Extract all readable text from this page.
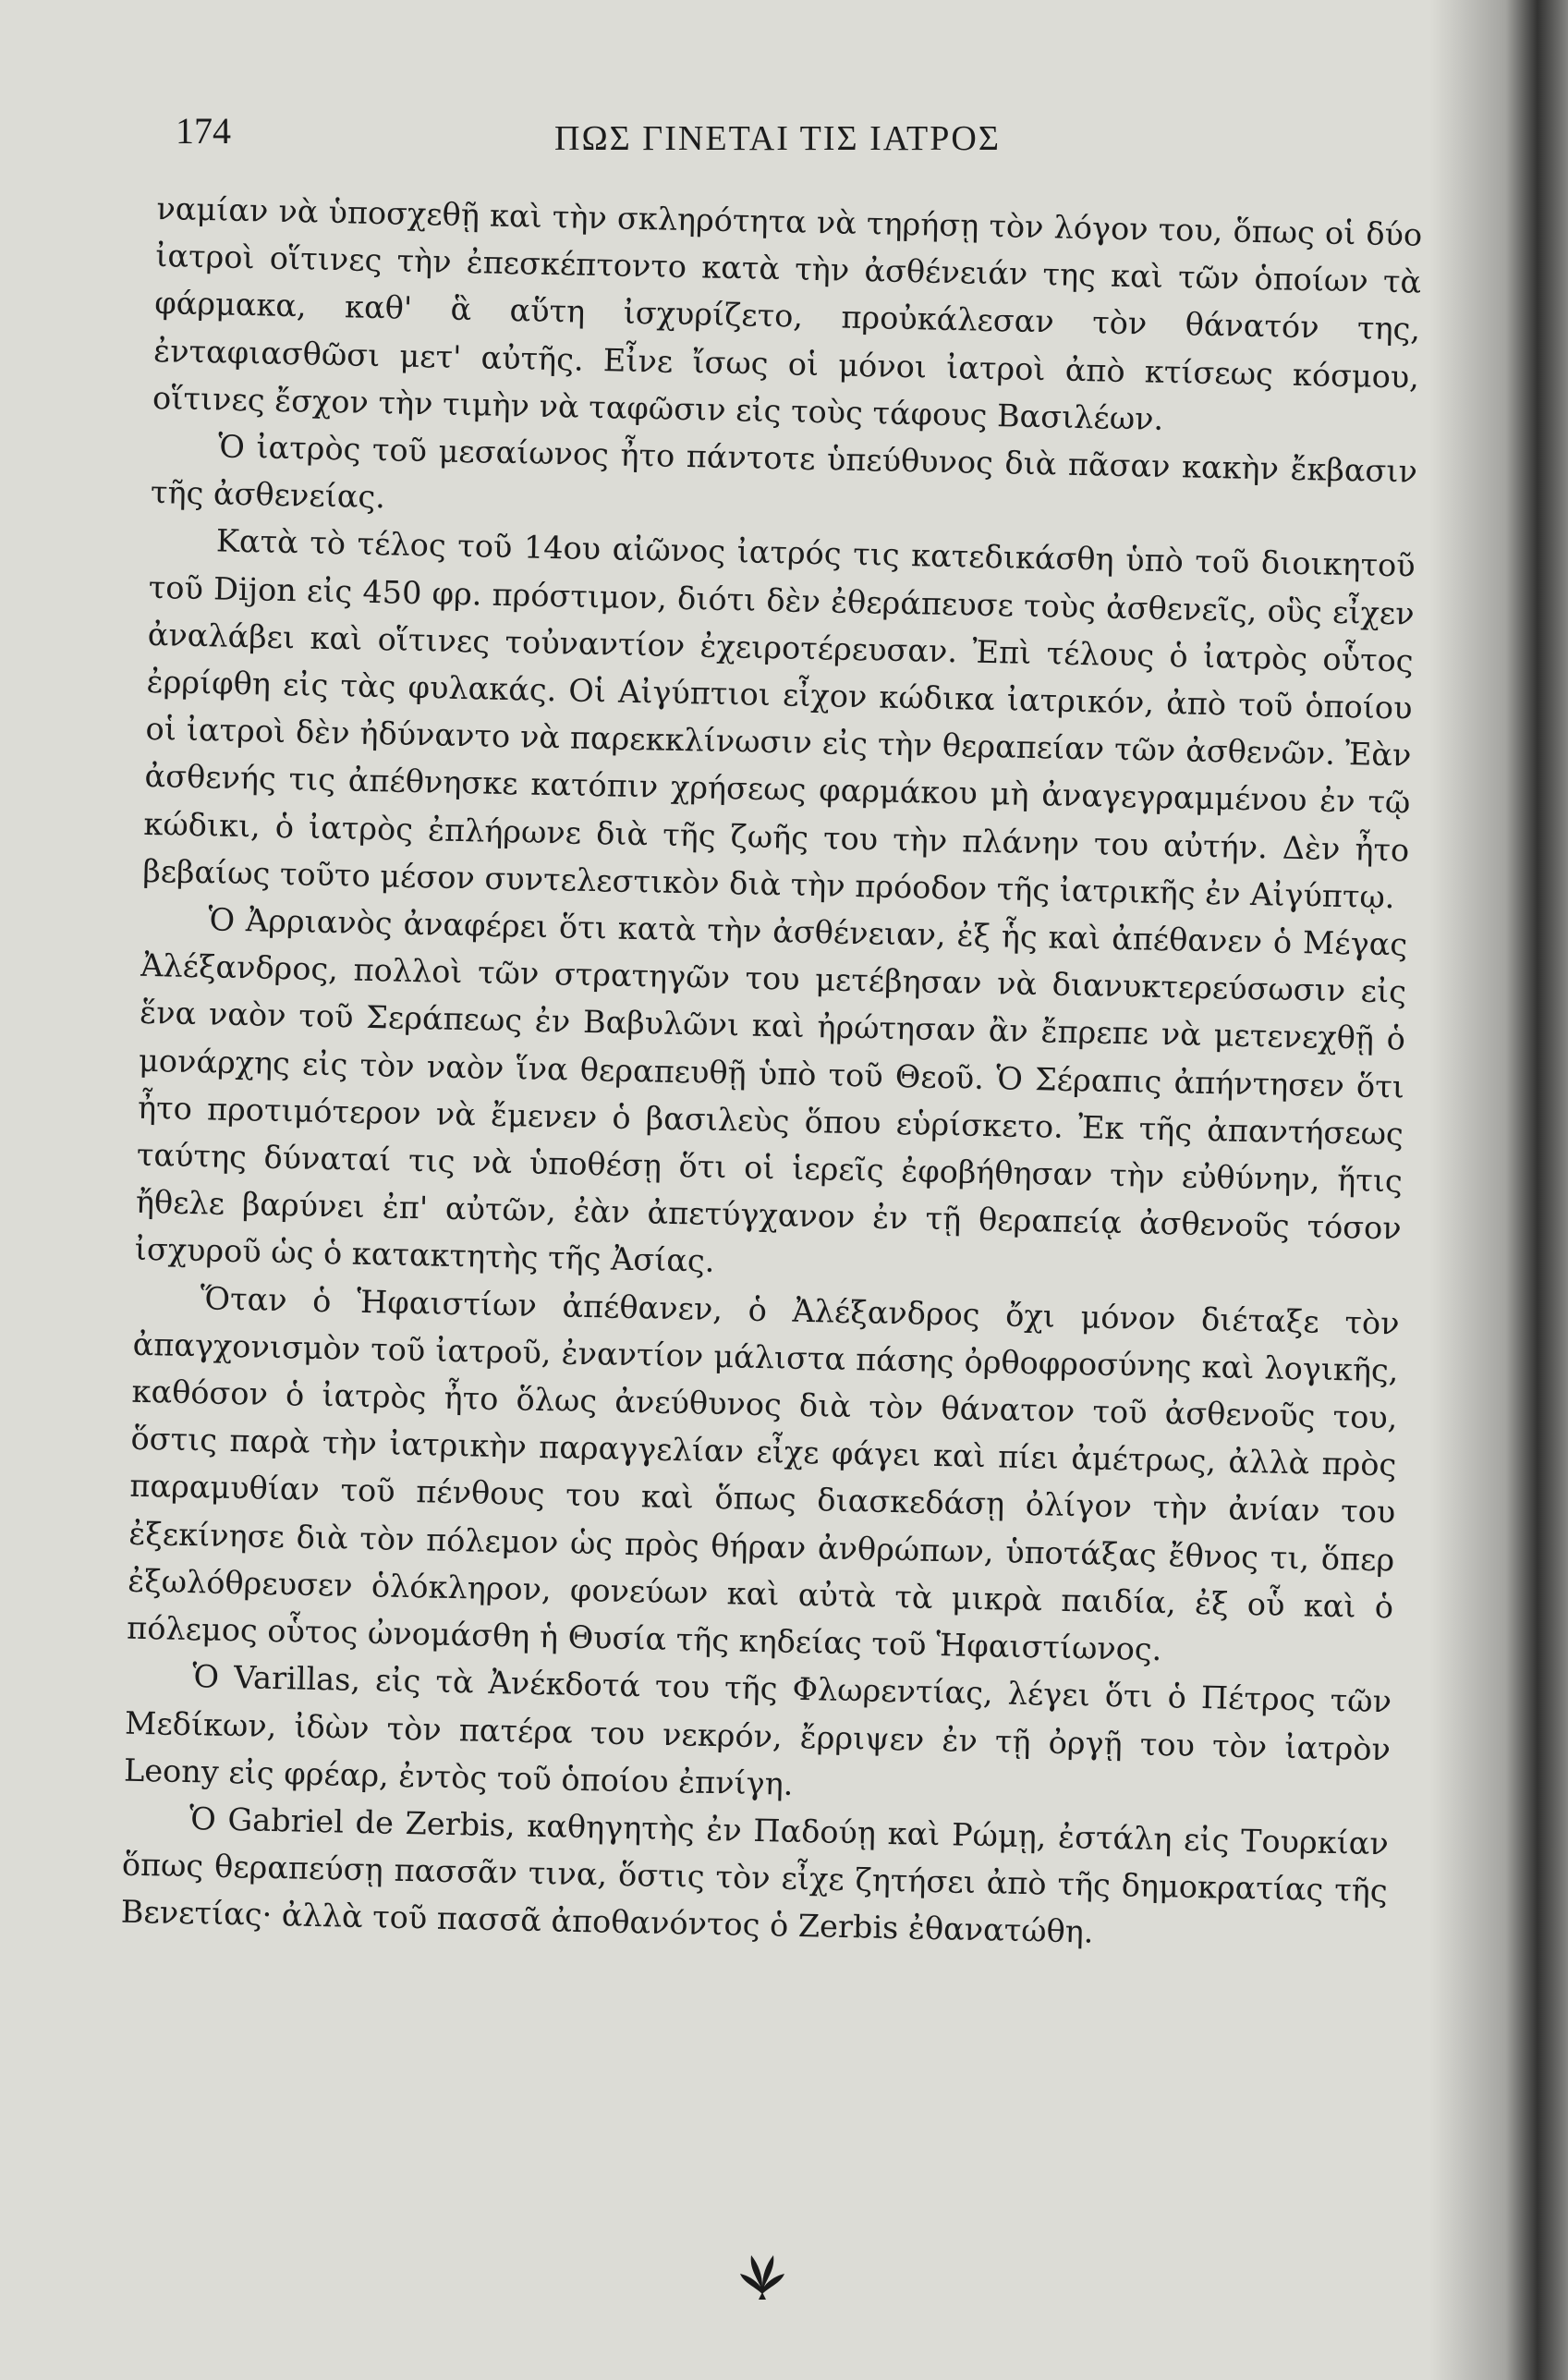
174	ΠΩΣ ΓΙΝΕΤΑΙ ΤΙΣ ΙΑΤΡΟΣ

ναμίαν νὰ ὑποσχεθῇ καὶ τὴν σκληρότητα νὰ τηρήσῃ τὸν λόγον του, ὅπως οἱ δύο ἰατροὶ οἵτινες τὴν ἐπεσκέπτοντο κατὰ τὴν ἀσθένειάν της καὶ τῶν ὁποίων τὰ φάρμακα, καθ' ἃ αὕτη ἰσχυρίζετο, προὐκάλεσαν τὸν θάνατόν της, ἐνταφιασθῶσι μετ' αὐτῆς. Εἶνε ἴσως οἱ μόνοι ἰατροὶ ἀπὸ κτίσεως κόσμου, οἵτινες ἔσχον τὴν τιμὴν νὰ ταφῶσιν εἰς τοὺς τάφους Βασιλέων.

Ὁ ἰατρὸς τοῦ μεσαίωνος ἦτο πάντοτε ὑπεύθυνος διὰ πᾶσαν κακὴν ἔκβασιν τῆς ἀσθενείας.

Κατὰ τὸ τέλος τοῦ 14ου αἰῶνος ἰατρός τις κατεδικάσθη ὑπὸ τοῦ διοικητοῦ τοῦ Dijon εἰς 450 φρ. πρόστιμον, διότι δὲν ἐθεράπευσε τοὺς ἀσθενεῖς, οὓς εἶχεν ἀναλάβει καὶ οἵτινες τοὐναντίον ἐχειροτέρευσαν. Ἐπὶ τέλους ὁ ἰατρὸς οὗτος ἐρρίφθη εἰς τὰς φυλακάς. Οἱ Αἰγύπτιοι εἶχον κώδικα ἰατρικόν, ἀπὸ τοῦ ὁποίου οἱ ἰατροὶ δὲν ἠδύναντο νὰ παρεκκλίνωσιν εἰς τὴν θεραπείαν τῶν ἀσθενῶν. Ἐὰν ἀσθενής τις ἀπέθνησκε κατόπιν χρήσεως φαρμάκου μὴ ἀναγεγραμμένου ἐν τῷ κώδικι, ὁ ἰατρὸς ἐπλήρωνε διὰ τῆς ζωῆς του τὴν πλάνην του αὐτήν. Δὲν ἦτο βεβαίως τοῦτο μέσον συντελεστικὸν διὰ τὴν πρόοδον τῆς ἰατρικῆς ἐν Αἰγύπτῳ.

Ὁ Ἀρριανὸς ἀναφέρει ὅτι κατὰ τὴν ἀσθένειαν, ἐξ ἧς καὶ ἀπέθανεν ὁ Μέγας Ἀλέξανδρος, πολλοὶ τῶν στρατηγῶν του μετέβησαν νὰ διανυκτερεύσωσιν εἰς ἕνα ναὸν τοῦ Σεράπεως ἐν Βαβυλῶνι καὶ ἠρώτησαν ἂν ἔπρεπε νὰ μετενεχθῇ ὁ μονάρχης εἰς τὸν ναὸν ἵνα θεραπευθῇ ὑπὸ τοῦ Θεοῦ. Ὁ Σέραπις ἀπήντησεν ὅτι ἦτο προτιμότερον νὰ ἔμενεν ὁ βασιλεὺς ὅπου εὑρίσκετο. Ἐκ τῆς ἀπαντήσεως ταύτης δύναταί τις νὰ ὑποθέσῃ ὅτι οἱ ἱερεῖς ἐφοβήθησαν τὴν εὐθύνην, ἥτις ἤθελε βαρύνει ἐπ' αὐτῶν, ἐὰν ἀπετύγχανον ἐν τῇ θεραπείᾳ ἀσθενοῦς τόσον ἰσχυροῦ ὡς ὁ κατακτητὴς τῆς Ἀσίας.

Ὅταν ὁ Ἡφαιστίων ἀπέθανεν, ὁ Ἀλέξανδρος ὄχι μόνον διέταξε τὸν ἀπαγχονισμὸν τοῦ ἰατροῦ, ἐναντίον μάλιστα πάσης ὀρθοφροσύνης καὶ λογικῆς, καθόσον ὁ ἰατρὸς ἦτο ὅλως ἀνεύθυνος διὰ τὸν θάνατον τοῦ ἀσθενοῦς του, ὅστις παρὰ τὴν ἰατρικὴν παραγγελίαν εἶχε φάγει καὶ πίει ἀμέτρως, ἀλλὰ πρὸς παραμυθίαν τοῦ πένθους του καὶ ὅπως διασκεδάσῃ ὀλίγον τὴν ἀνίαν του ἐξεκίνησε διὰ τὸν πόλεμον ὡς πρὸς θήραν ἀνθρώπων, ὑποτάξας ἔθνος τι, ὅπερ ἐξωλόθρευσεν ὁλόκληρον, φονεύων καὶ αὐτὰ τὰ μικρὰ παιδία, ἐξ οὗ καὶ ὁ πόλεμος οὗτος ὠνομάσθη ἡ Θυσία τῆς κηδείας τοῦ Ἡφαιστίωνος.

Ὁ Varillas, εἰς τὰ Ἀνέκδοτά του τῆς Φλωρεντίας, λέγει ὅτι ὁ Πέτρος τῶν Μεδίκων, ἰδὼν τὸν πατέρα του νεκρόν, ἔρριψεν ἐν τῇ ὀργῇ του τὸν ἰατρὸν Leony εἰς φρέαρ, ἐντὸς τοῦ ὁποίου ἐπνίγη.

Ὁ Gabriel de Zerbis, καθηγητὴς ἐν Παδούῃ καὶ Ρώμῃ, ἐστάλη εἰς Τουρκίαν ὅπως θεραπεύσῃ πασσᾶν τινα, ὅστις τὸν εἶχε ζητήσει ἀπὸ τῆς δημοκρατίας τῆς Βενετίας· ἀλλὰ τοῦ πασσᾶ ἀποθανόντος ὁ Zerbis ἐθανατώθη.
